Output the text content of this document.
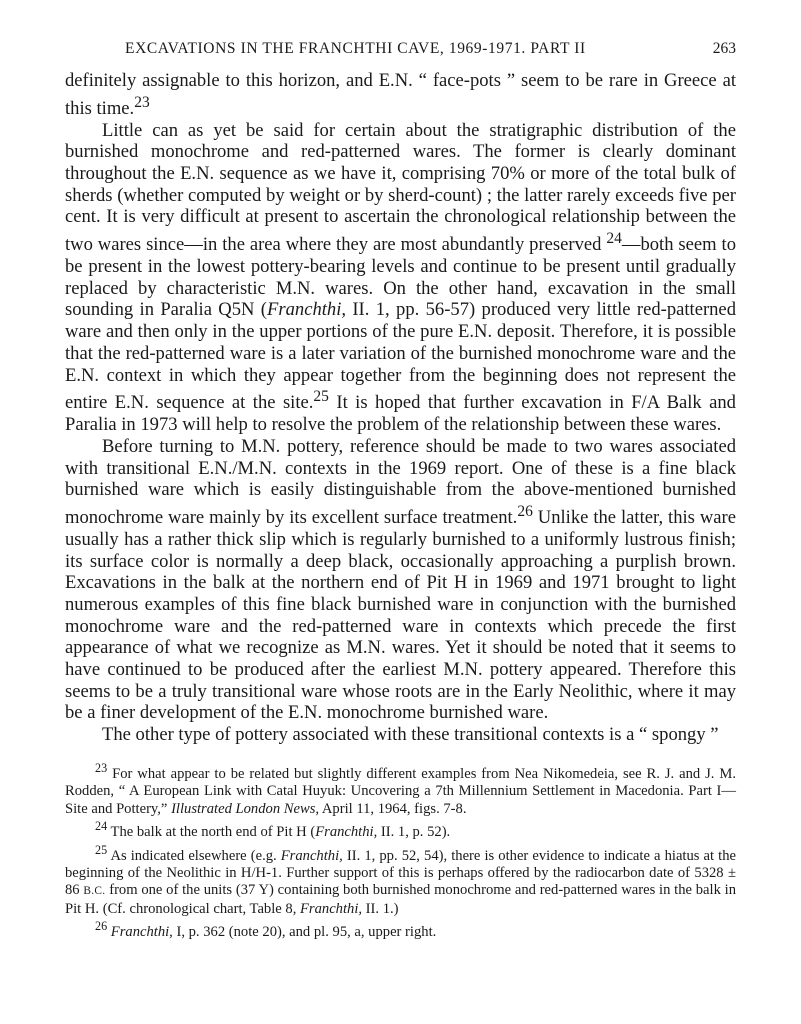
EXCAVATIONS IN THE FRANCHTHI CAVE, 1969-1971. PART II	263

definitely assignable to this horizon, and E.N. “ face-pots ” seem to be rare in Greece at this time.$^{23}$

Little can as yet be said for certain about the stratigraphic distribution of the burnished monochrome and red-patterned wares. The former is clearly dominant throughout the E.N. sequence as we have it, comprising 70% or more of the total bulk of sherds (whether computed by weight or by sherd-count) ; the latter rarely exceeds five per cent. It is very difficult at present to ascertain the chronological relationship between the two wares since—in the area where they are most abundantly preserved $^{24}$—both seem to be present in the lowest pottery-bearing levels and continue to be present until gradually replaced by characteristic M.N. wares. On the other hand, excavation in the small sounding in Paralia Q5N (Franchthi, II. 1, pp. 56-57) produced very little red-patterned ware and then only in the upper portions of the pure E.N. deposit. Therefore, it is possible that the red-patterned ware is a later variation of the burnished monochrome ware and the E.N. context in which they appear together from the beginning does not represent the entire E.N. sequence at the site.$^{25}$ It is hoped that further excavation in F/A Balk and Paralia in 1973 will help to resolve the problem of the relationship between these wares.

Before turning to M.N. pottery, reference should be made to two wares associated with transitional E.N./M.N. contexts in the 1969 report. One of these is a fine black burnished ware which is easily distinguishable from the above-mentioned burnished monochrome ware mainly by its excellent surface treatment.$^{26}$ Unlike the latter, this ware usually has a rather thick slip which is regularly burnished to a uniformly lustrous finish; its surface color is normally a deep black, occasionally approaching a purplish brown. Excavations in the balk at the northern end of Pit H in 1969 and 1971 brought to light numerous examples of this fine black burnished ware in conjunction with the burnished monochrome ware and the red-patterned ware in contexts which precede the first appearance of what we recognize as M.N. wares. Yet it should be noted that it seems to have continued to be produced after the earliest M.N. pottery appeared. Therefore this seems to be a truly transitional ware whose roots are in the Early Neolithic, where it may be a finer development of the E.N. monochrome burnished ware.

The other type of pottery associated with these transitional contexts is a “ spongy ”

$^{23}$ For what appear to be related but slightly different examples from Nea Nikomedeia, see R. J. and J. M. Rodden, “ A European Link with Catal Huyuk: Uncovering a 7th Millennium Settlement in Macedonia. Part I—Site and Pottery,” Illustrated London News, April 11, 1964, figs. 7-8.

$^{24}$ The balk at the north end of Pit H (Franchthi, II. 1, p. 52).

$^{25}$ As indicated elsewhere (e.g. Franchthi, II. 1, pp. 52, 54), there is other evidence to indicate a hiatus at the beginning of the Neolithic in H/H-1. Further support of this is perhaps offered by the radiocarbon date of 5328 ± 86 B.C. from one of the units (37 Y) containing both burnished monochrome and red-patterned wares in the balk in Pit H. (Cf. chronological chart, Table 8, Franchthi, II. 1.)

$^{26}$ Franchthi, I, p. 362 (note 20), and pl. 95, a, upper right.
